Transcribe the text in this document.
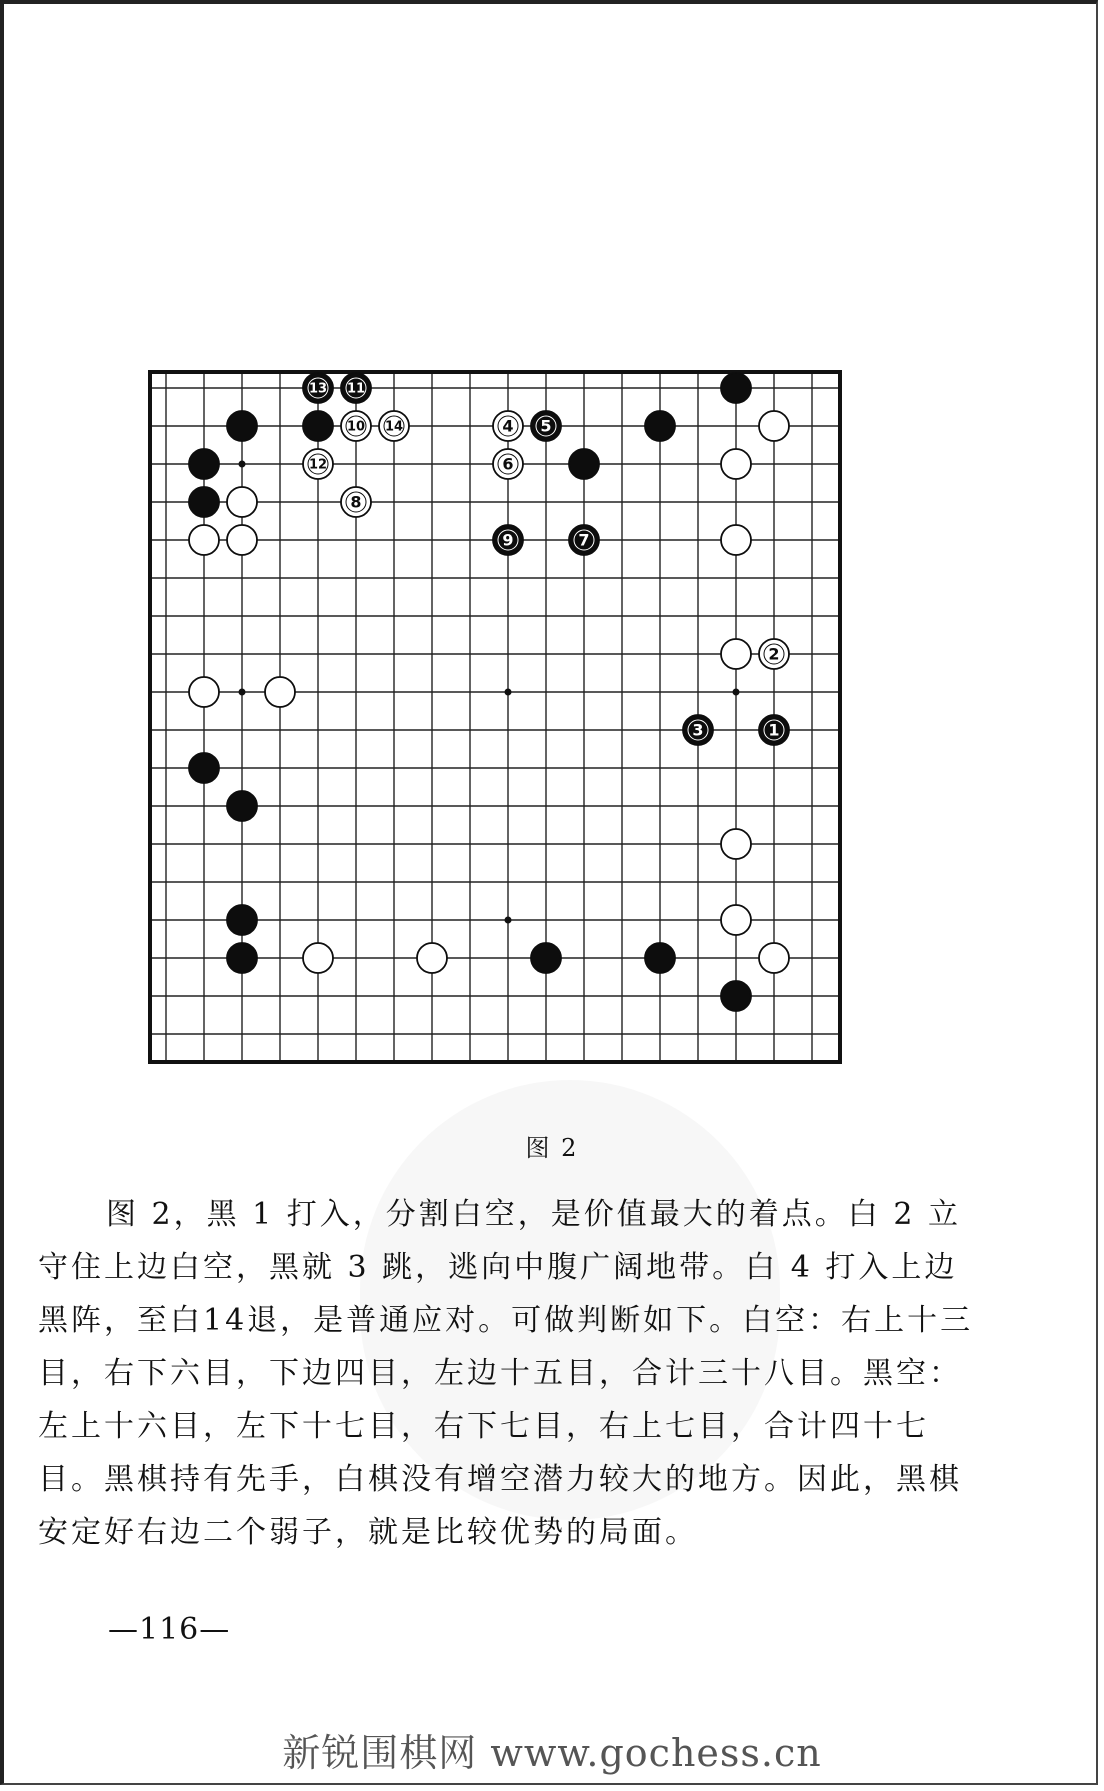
13 11
10 14	4 5
12	6
8
9	7
2
3	1
图 2

图 2，黑 1 打入，分割白空，是价值最大的着点。白 2 立守住上边白空，黑就 3 跳，逃向中腹广阔地带。白 4 打入上边黑阵，至白14退，是普通应对。可做判断如下。白空：右上十三目，右下六目，下边四目，左边十五目，合计三十八目。黑空：左上十六目，左下十七目，右下七目，右上七目，合计四十七目。黑棋持有先手，白棋没有增空潜力较大的地方。因此，黑棋安定好右边二个弱子，就是比较优势的局面。

—116—
新锐围棋网 www.gochess.cn
